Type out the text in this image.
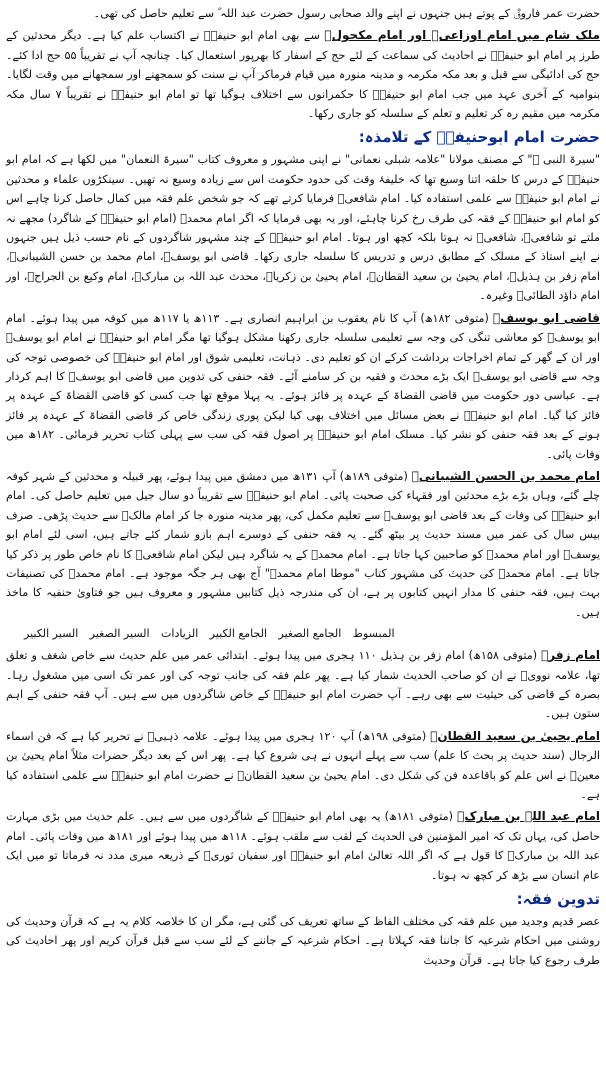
حضرت عمر فاروقؓ کے پوتے ہیں جنہوں نے اپنے والد صحابی رسول حضرت عبد اللہ ؓ سے تعلیم حاصل کی تھی۔

ملک شام میں امام اوزاعیؒ اور امام مکحولؒ سے بھی امام ابو حنیفہؒ نے اکتساب علم کیا ہے۔ دیگر محدثین کے طرز پر امام ابو حنیفہؒ نے احادیث کی سماعت کے لئے حج کے اسفار کا بھرپور استعمال کیا۔ چنانچہ آپ نے تقریباً ۵۵ حج ادا کئے۔ حج کی ادائیگی سے قبل و بعد مکہ مکرمہ و مدینہ منورہ میں قیام فرماکر آپ نے سنت کو سمجھنے اور سمجھانے میں وقت لگایا۔ بنوامیہ کے آخری عہد میں جب امام ابو حنیفہؒ کا حکمرانوں سے اختلاف ہوگیا تھا تو امام ابو حنیفہؒ نے تقریباً ۷ سال مکہ مکرمہ میں مقیم رہ کر تعلیم و تعلم کے سلسلہ کو جاری رکھا۔

حضرت امام ابوحنیفہؒ کے تلامذہ:

"سیرۃ النبی ﷺ" کے مصنف مولانا "علامہ شبلی نعمانی" نے اپنی مشہور و معروف کتاب "سیرۃ النعمان" میں لکھا ہے کہ امام ابو حنیفہؒ کے درس کا حلقہ اتنا وسیع تھا کہ خلیفۂ وقت کی حدود حکومت اس سے زیادہ وسیع نہ تھیں۔ سینکڑوں علماء و محدثین نے امام ابو حنیفہؒ سے علمی استفادہ کیا۔ امام شافعیؒ فرمایا کرتے تھے کہ جو شخص علم فقہ میں کمال حاصل کرنا چاہے اس کو امام ابو حنیفہؒ کے فقہ کی طرف رخ کرنا چاہئے، اور یہ بھی فرمایا کہ اگر امام محمدؒ (امام ابو حنیفہؒ کے شاگرد) مجھے نہ ملتے تو شافعیؒ، شافعیؒ نہ ہوتا بلکہ کچھ اور ہوتا۔ امام ابو حنیفہؒ کے چند مشہور شاگردوں کے نام حسب ذیل ہیں جنہوں نے اپنے استاذ کے مسلک کے مطابق درس و تدریس کا سلسلہ جاری رکھا۔ قاضی ابو یوسفؒ، امام محمد بن حسن الشیبانیؒ، امام زفر بن ہذیلؒ، امام یحییٰ بن سعید القطانؒ، امام یحییٰ بن زکریاؒ، محدث عبد اللہ بن مبارکؒ، امام وکیع بن الجراحؒ، اور امام داؤد الطائیؒ وغیرہ۔

قاضی ابو یوسفؒ (متوفی ۱۸۲ھ) آپ کا نام یعقوب بن ابراہیم انصاری ہے۔ ۱۱۳ھ یا ۱۱۷ھ میں کوفہ میں پیدا ہوئے۔ امام ابو یوسفؒ کو معاشی تنگی کی وجہ سے تعلیمی سلسلہ جاری رکھنا مشکل ہوگیا تھا مگر امام ابو حنیفہؒ نے امام ابو یوسفؒ اور ان کے گھر کے تمام اخراجات برداشت کرکے ان کو تعلیم دی۔ ذہانت، تعلیمی شوق اور امام ابو حنیفہؒ کی خصوصی توجہ کی وجہ سے قاضی ابو یوسفؒ ایک بڑے محدث و فقیہ بن کر سامنے آئے۔ فقہ حنفی کی تدوین میں قاضی ابو یوسفؒ کا اہم کردار ہے۔ عباسی دور حکومت میں قاضی القضاۃ کے عہدہ پر فائز ہوئے۔ یہ پہلا موقع تھا جب کسی کو قاضی القضاۃ کے عہدہ پر فائز کیا گیا۔ امام ابو حنیفہؒ نے بعض مسائل میں اختلاف بھی کیا لیکن پوری زندگی خاص کر قاضی القضاۃ کے عہدہ پر فائز ہونے کے بعد فقہ حنفی کو نشر کیا۔ مسلک امام ابو حنیفہؒ پر اصول فقہ کی سب سے پہلی کتاب تحریر فرمائی۔ ۱۸۲ھ میں وفات پائی۔

امام محمد بن الحسن الشیبانیؒ (متوفی ۱۸۹ھ) آپ ۱۳۱ھ میں دمشق میں پیدا ہوئے، پھر قبیلہ و محدثین کے شہر کوفہ چلے گئے، وہاں بڑے بڑے محدثین اور فقہاء کی صحبت پائی۔ امام ابو حنیفہؒ سے تقریباً دو سال جیل میں تعلیم حاصل کی۔ امام ابو حنیفہؒ کی وفات کے بعد قاضی ابو یوسفؒ سے تعلیم مکمل کی، پھر مدینہ منورہ جا کر امام مالکؒ سے حدیث پڑھی۔ صرف بیس سال کی عمر میں مسند حدیث پر بیٹھ گئے۔ یہ فقہ حنفی کے دوسرے اہم بازو شمار کئے جاتے ہیں، اسی لئے امام ابو یوسفؒ اور امام محمدؒ کو صاحبین کہا جاتا ہے۔ امام محمدؒ کے یہ شاگرد ہیں لیکن امام شافعیؒ کا نام خاص طور پر ذکر کیا جاتا ہے۔ امام محمدؒ کی حدیث کی مشہور کتاب "موطا امام محمدؒ" آج بھی ہر جگہ موجود ہے۔ امام محمدؒ کی تصنیفات بہت ہیں، فقہ حنفی کا مدار انہیں کتابوں پر ہے، ان کی مندرجہ ذیل کتابیں مشہور و معروف ہیں جو فتاویٰ حنفیہ کا ماخذ ہیں۔

المبسوط الجامع الصغیر الجامع الکبیر الزیادات السیر الصغیر السیر الکبیر

امام زفرؒ (متوفی ۱۵۸ھ) امام زفر بن ہذیل ۱۱۰ ہجری میں پیدا ہوئے۔ ابتدائی عمر میں علم حدیث سے خاص شغف و تعلق تھا، علامہ نوویؒ نے ان کو صاحب الحدیث شمار کیا ہے۔ پھر علم فقہ کی جانب توجہ کی اور عمر تک اسی میں مشغول رہا۔ بصرہ کے قاضی کی حیثیت سے بھی رہے۔ آپ حضرت امام ابو حنیفہؒ کے خاص شاگردوں میں سے ہیں۔ آپ فقہ حنفی کے اہم ستون ہیں۔

امام یحییٰ بن سعید القطانؒ (متوفی ۱۹۸ھ) آپ ۱۲۰ ہجری میں پیدا ہوئے۔ علامہ ذہبیؒ نے تحریر کیا ہے کہ فن اسماء الرجال (سند حدیث پر بحث کا علم) سب سے پہلے انہوں نے ہی شروع کیا ہے۔ پھر اس کے بعد دیگر حضرات مثلاً امام یحییٰ بن معینؒ نے اس علم کو باقاعدہ فن کی شکل دی۔ امام یحییٰ بن سعید القطانؒ نے حضرت امام ابو حنیفہؒ سے علمی استفادہ کیا ہے۔

امام عبد اللہ بن مبارکؒ (متوفی ۱۸۱ھ) یہ بھی امام ابو حنیفہؒ کے شاگردوں میں سے ہیں۔ علم حدیث میں بڑی مہارت حاصل کی، یہاں تک کہ امیر المؤمنین فی الحدیث کے لقب سے ملقب ہوئے۔ ۱۱۸ھ میں پیدا ہوئے اور ۱۸۱ھ میں وفات پائی۔ امام عبد اللہ بن مبارکؒ کا قول ہے کہ اگر اللہ تعالیٰ امام ابو حنیفہؒ اور سفیان ثوریؒ کے ذریعہ میری مدد نہ فرماتا تو میں ایک عام انسان سے بڑھ کر کچھ نہ ہوتا۔

تدوین فقہ:

عصر قدیم وجدید میں علم فقہ کی مختلف الفاظ کے ساتھ تعریف کی گئی ہے، مگر ان کا خلاصہ کلام یہ ہے کہ قرآن وحدیث کی روشنی میں احکام شرعیہ کا جاننا فقہ کہلاتا ہے۔ احکام شرعیہ کے جاننے کے لئے سب سے قبل قرآن کریم اور پھر احادیث کی طرف رجوع کیا جاتا ہے۔ قرآن وحدیث
